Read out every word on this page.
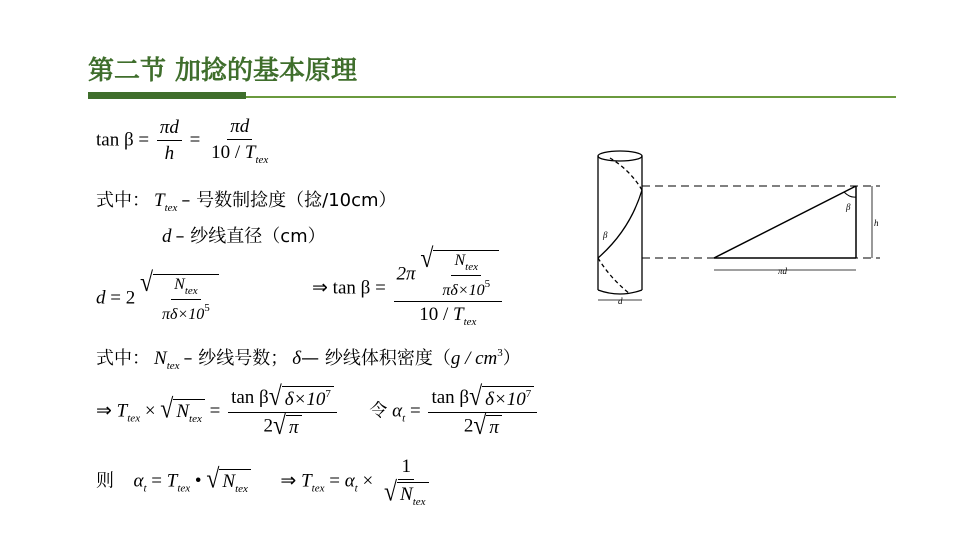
第二节 加捻的基本原理
$\tan \beta = \frac{\pi d}{h} = \frac{\pi d}{10 / T_{tex}}$
式中： $T_{tex}$ – 号数制捻度（捻/10cm）
d – 纱线直径（cm）
d = 2
√ $\frac{N_{tex}}{\pi\delta\times 10^5}$	⇒ tan β = 2π
√ $\frac{N_{tex}}{\pi\delta\times 10^5}$
$10 / T_{tex}$
式中： $N_{tex}$ – 纱线号数； δ— 纱线体积密度$(g / cm^3)$
⇒ $T_{tex}$ × √ $N_{tex} = \frac{\tan \beta √ \delta\times 10^7}{2 √ \pi}$ 令 $\alpha_t = \frac{\tan \beta √ \delta\times 10^7}{2 √ \pi}$
则 $\alpha_t = T_{tex}$ • √ $N_{tex}$ ⇒ $T_{tex} = \alpha_t \times \frac{1}{√ N_{tex}}$
β
β
h
πd
d
